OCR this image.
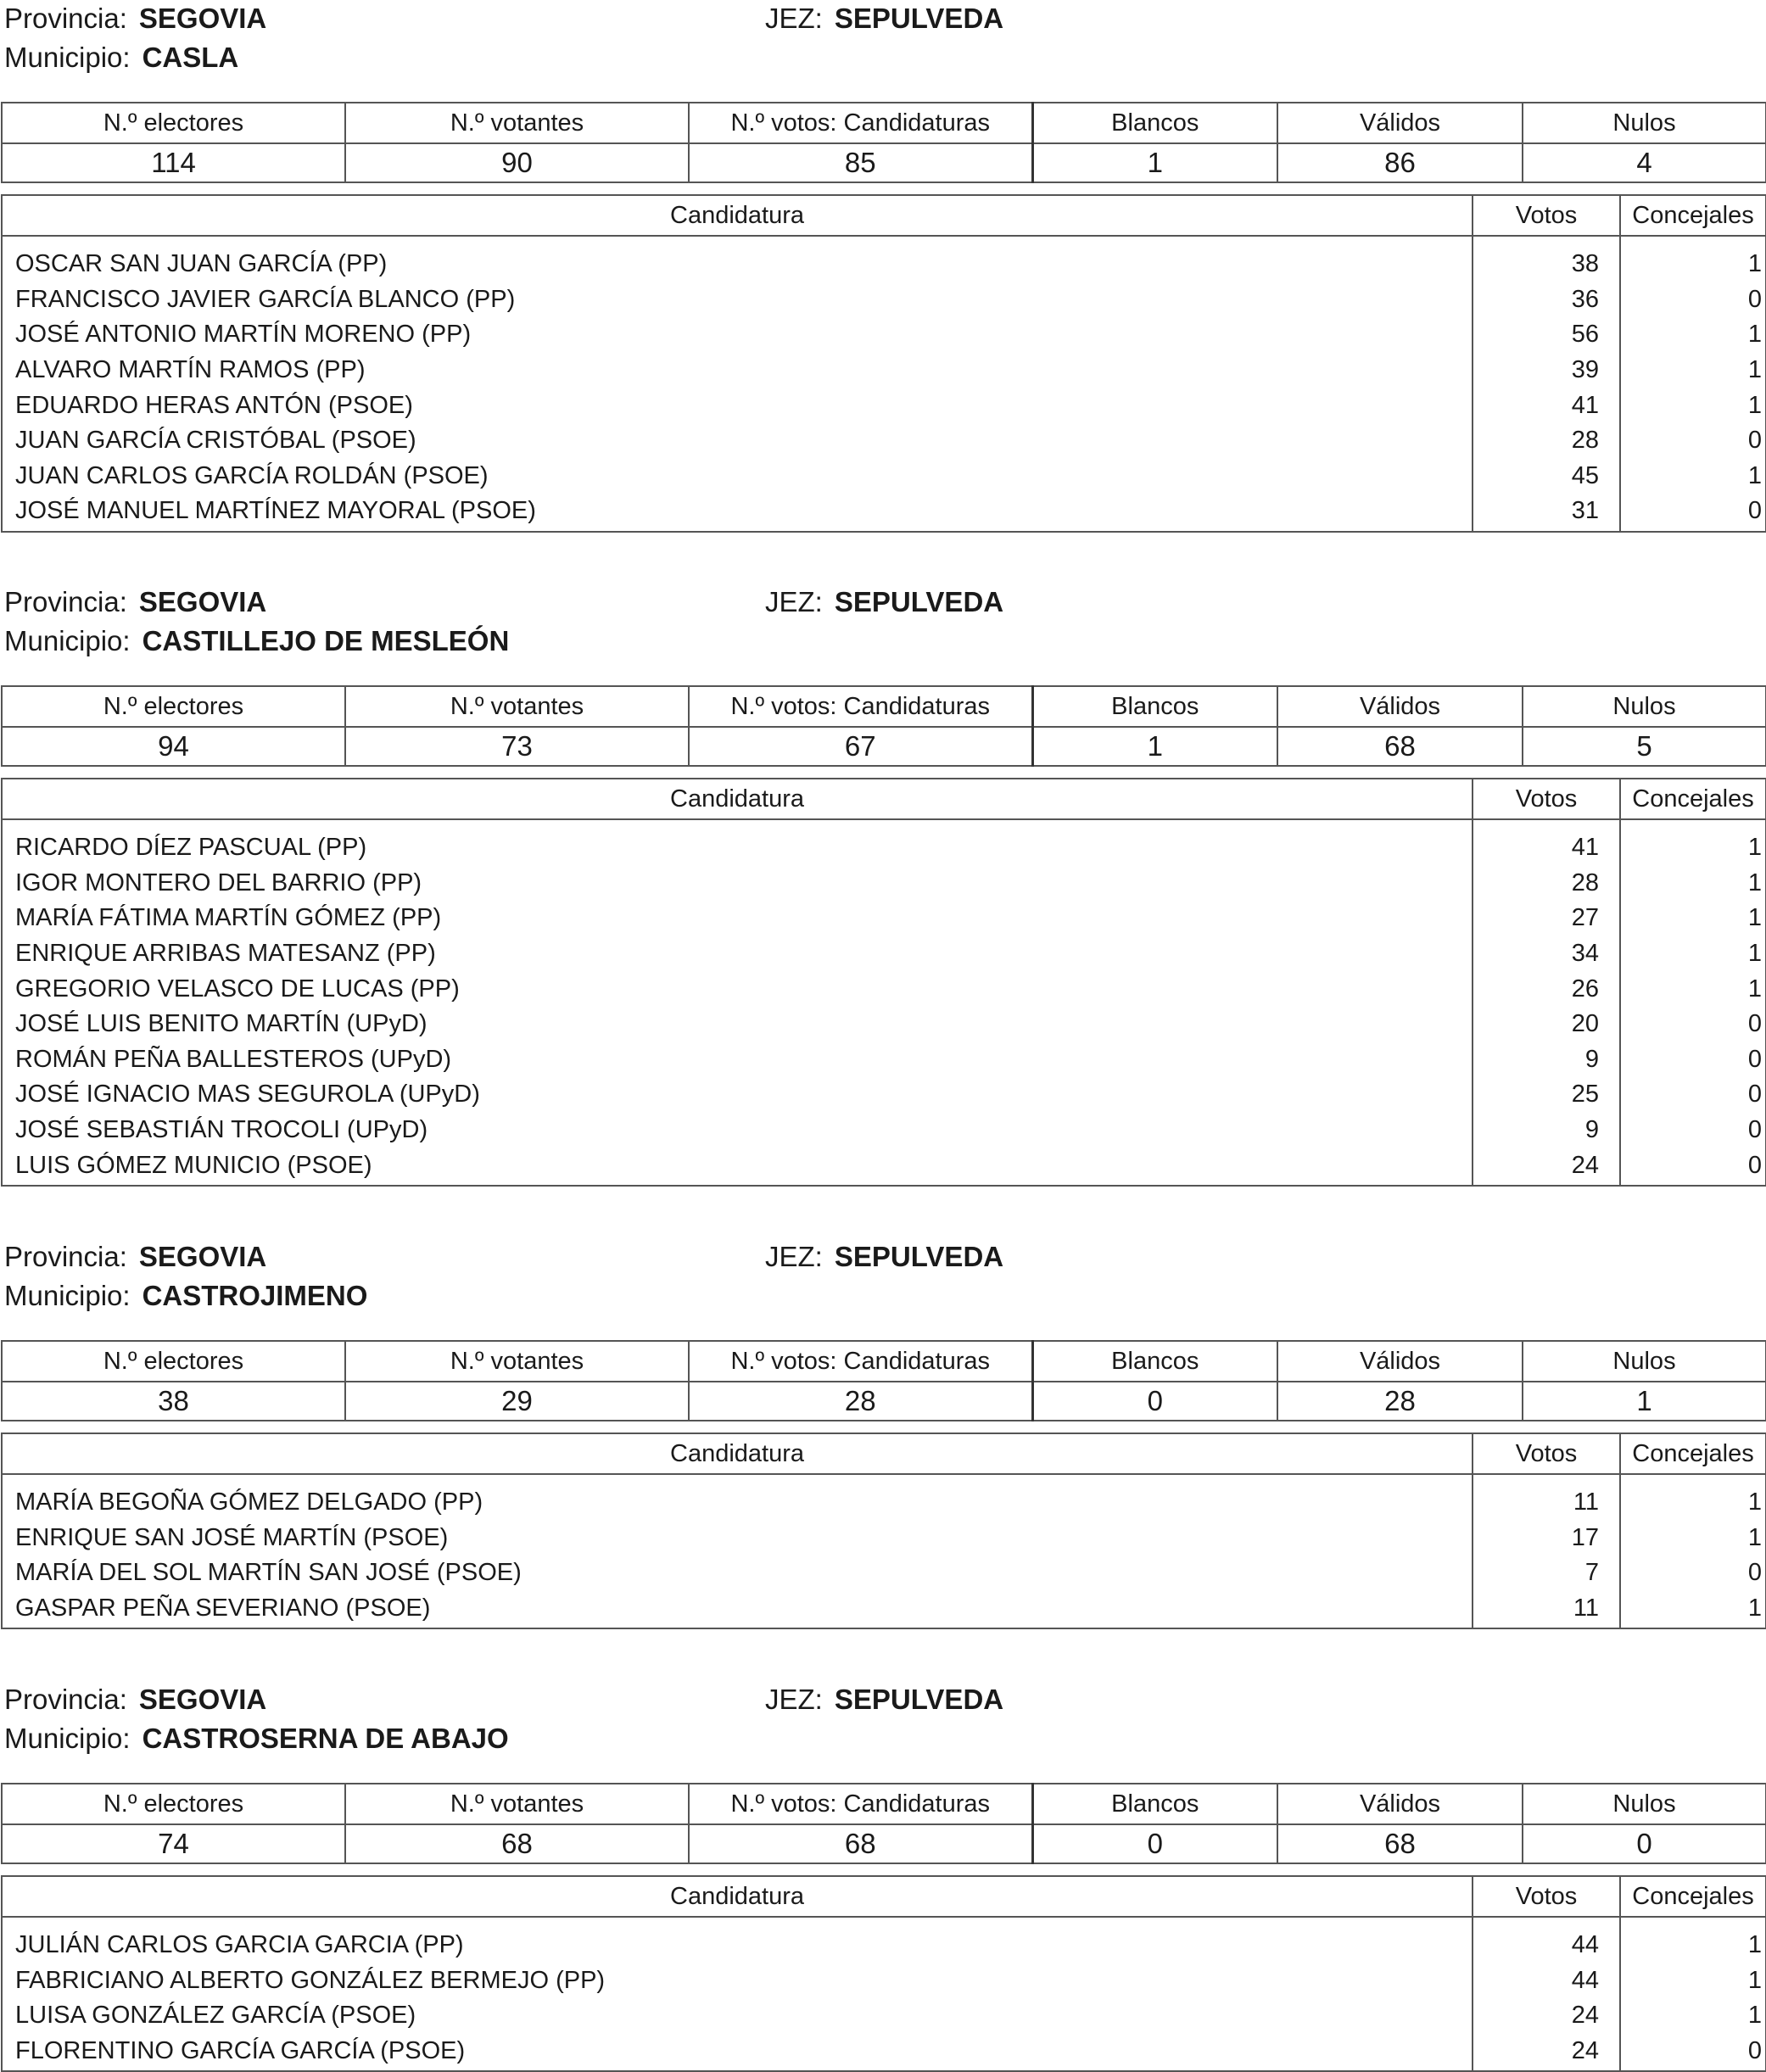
Provincia: SEGOVIA	JEZ: SEPULVEDA
Municipio: CASLA
N.º electores	N.º votantes	N.º votos: Candidaturas	Blancos	Válidos	Nulos
114	90	85	1	86	4
Candidatura	Votos	Concejales
OSCAR SAN JUAN GARCÍA (PP)	38	1
FRANCISCO JAVIER GARCÍA BLANCO (PP)	36	0
JOSÉ ANTONIO MARTÍN MORENO (PP)	56	1
ALVARO MARTÍN RAMOS (PP)	39	1
EDUARDO HERAS ANTÓN (PSOE)	41	1
JUAN GARCÍA CRISTÓBAL (PSOE)	28	0
JUAN CARLOS GARCÍA ROLDÁN (PSOE)	45	1
JOSÉ MANUEL MARTÍNEZ MAYORAL (PSOE)	31	0
Provincia: SEGOVIA	JEZ: SEPULVEDA
Municipio: CASTILLEJO DE MESLEÓN
N.º electores	N.º votantes	N.º votos: Candidaturas	Blancos	Válidos	Nulos
94	73	67	1	68	5
Candidatura	Votos	Concejales
RICARDO DÍEZ PASCUAL (PP)	41	1
IGOR MONTERO DEL BARRIO (PP)	28	1
MARÍA FÁTIMA MARTÍN GÓMEZ (PP)	27	1
ENRIQUE ARRIBAS MATESANZ (PP)	34	1
GREGORIO VELASCO DE LUCAS (PP)	26	1
JOSÉ LUIS BENITO MARTÍN (UPyD)	20	0
ROMÁN PEÑA BALLESTEROS (UPyD)	9	0
JOSÉ IGNACIO MAS SEGUROLA (UPyD)	25	0
JOSÉ SEBASTIÁN TROCOLI (UPyD)	9	0
LUIS GÓMEZ MUNICIO (PSOE)	24	0
Provincia: SEGOVIA	JEZ: SEPULVEDA
Municipio: CASTROJIMENO
N.º electores	N.º votantes	N.º votos: Candidaturas	Blancos	Válidos	Nulos
38	29	28	0	28	1
Candidatura	Votos	Concejales
MARÍA BEGOÑA GÓMEZ DELGADO (PP)	11	1
ENRIQUE SAN JOSÉ MARTÍN (PSOE)	17	1
MARÍA DEL SOL MARTÍN SAN JOSÉ (PSOE)	7	0
GASPAR PEÑA SEVERIANO (PSOE)	11	1
Provincia: SEGOVIA	JEZ: SEPULVEDA
Municipio: CASTROSERNA DE ABAJO
N.º electores	N.º votantes	N.º votos: Candidaturas	Blancos	Válidos	Nulos
74	68	68	0	68	0
Candidatura	Votos	Concejales
JULIÁN CARLOS GARCIA GARCIA (PP)	44	1
FABRICIANO ALBERTO GONZÁLEZ BERMEJO (PP)	44	1
LUISA GONZÁLEZ GARCÍA (PSOE)	24	1
FLORENTINO GARCÍA GARCÍA (PSOE)	24	0
